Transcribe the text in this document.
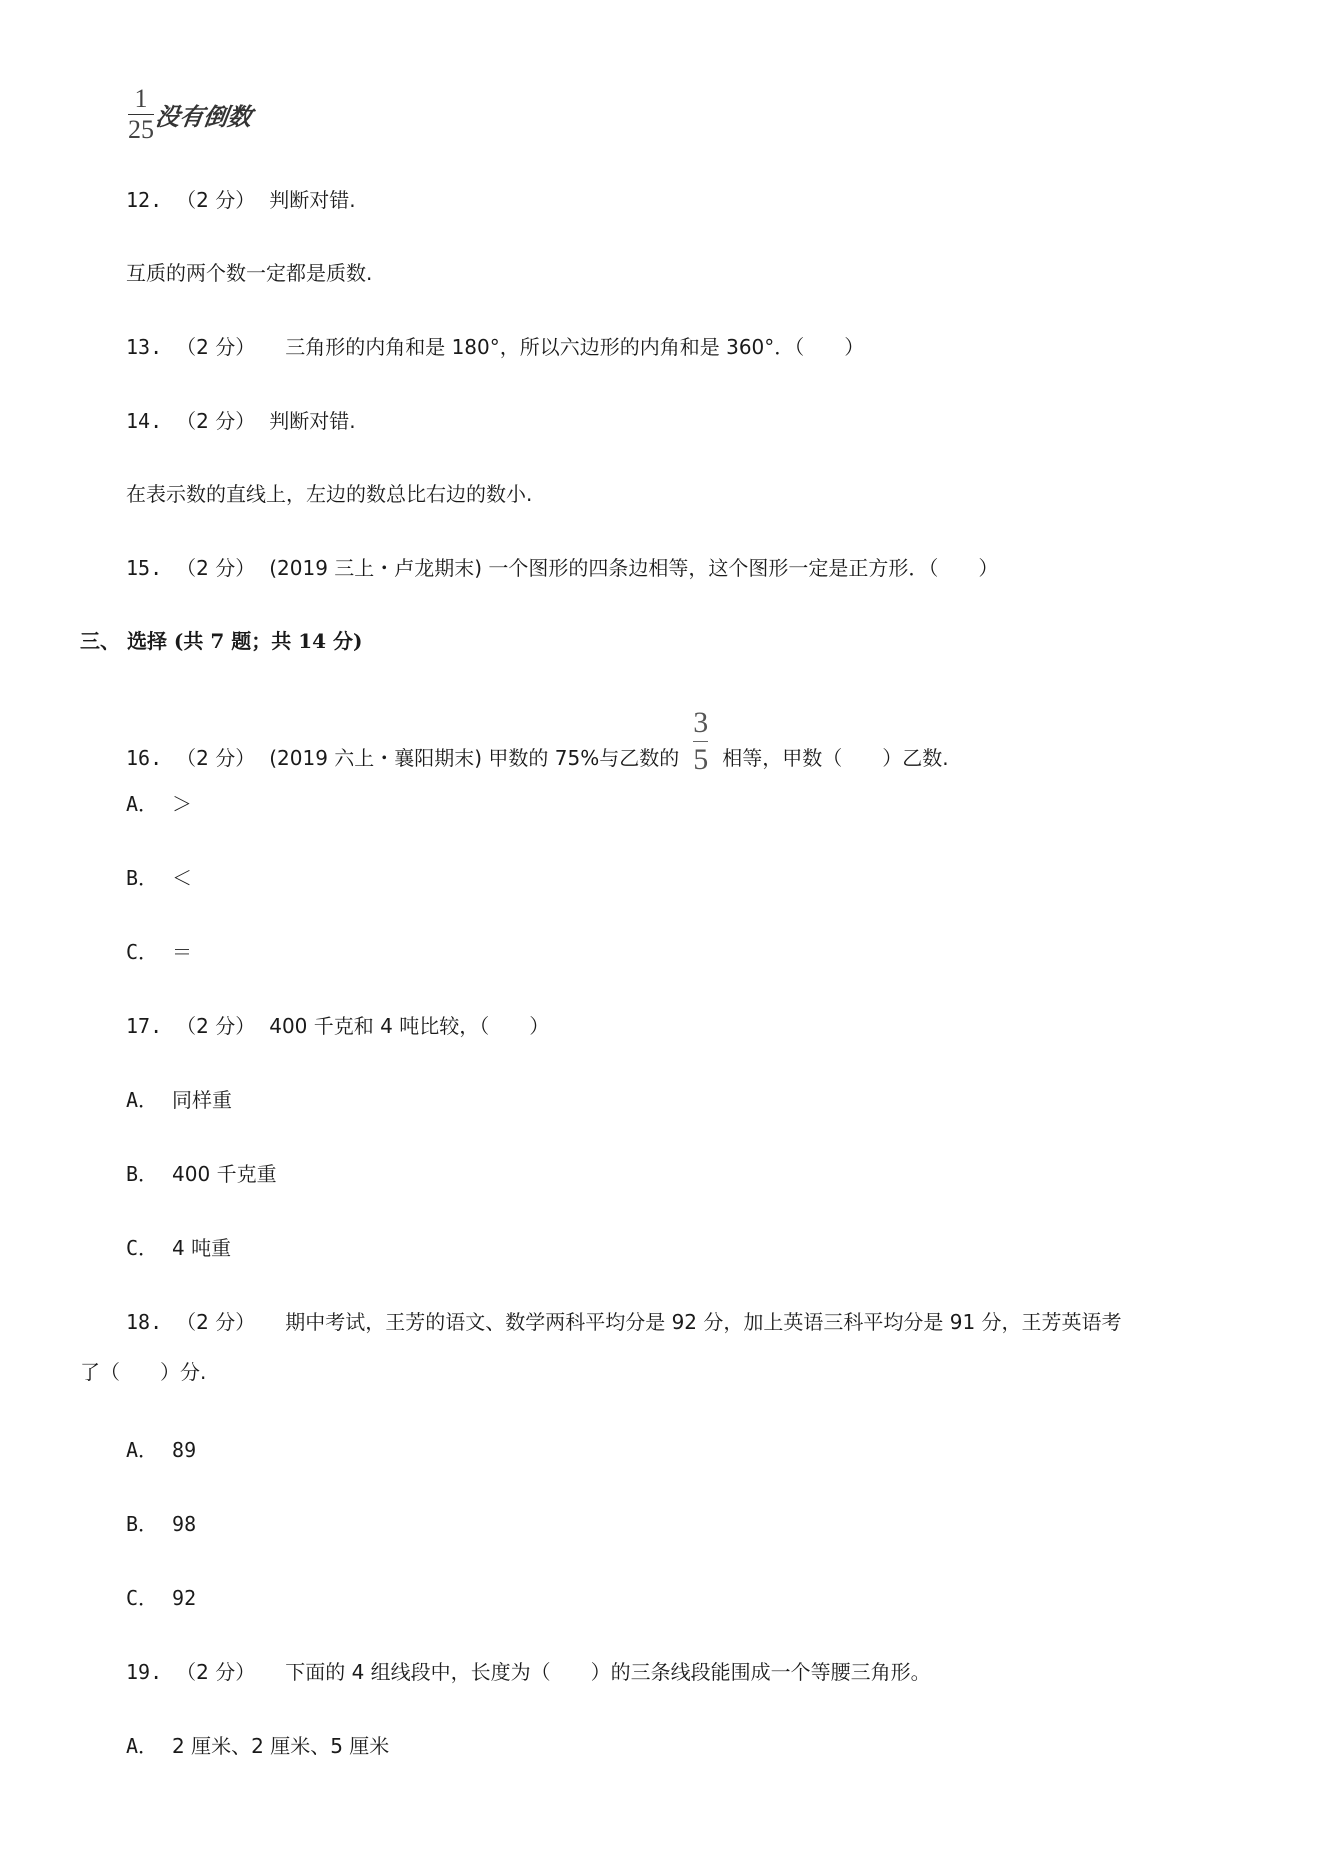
$\frac{1}{25}$ 没有倒数
12. （2 分） 判断对错.
互质的两个数一定都是质数.
13. （2 分） 三角形的内角和是 180°，所以六边形的内角和是 360°．（　　）
14. （2 分） 判断对错.
在表示数的直线上，左边的数总比右边的数小.
15. （2 分） (2019 三上・卢龙期末) 一个图形的四条边相等，这个图形一定是正方形．（　　）
三、 选择 (共 7 题；共 14 分)
16. （2 分） (2019 六上・襄阳期末) 甲数的 75%与乙数的 $\frac{3}{5}$ 相等，甲数（　　）乙数.
A． ＞
B． ＜
C． ＝
17. （2 分） 400 千克和 4 吨比较，（　　）
A． 同样重
B． 400 千克重
C． 4 吨重
18. （2 分） 期中考试，王芳的语文、数学两科平均分是 92 分，加上英语三科平均分是 91 分，王芳英语考
了（　　）分.
A． 89
B． 98
C． 92
19. （2 分） 下面的 4 组线段中，长度为（　　）的三条线段能围成一个等腰三角形。
A． 2 厘米、2 厘米、5 厘米
